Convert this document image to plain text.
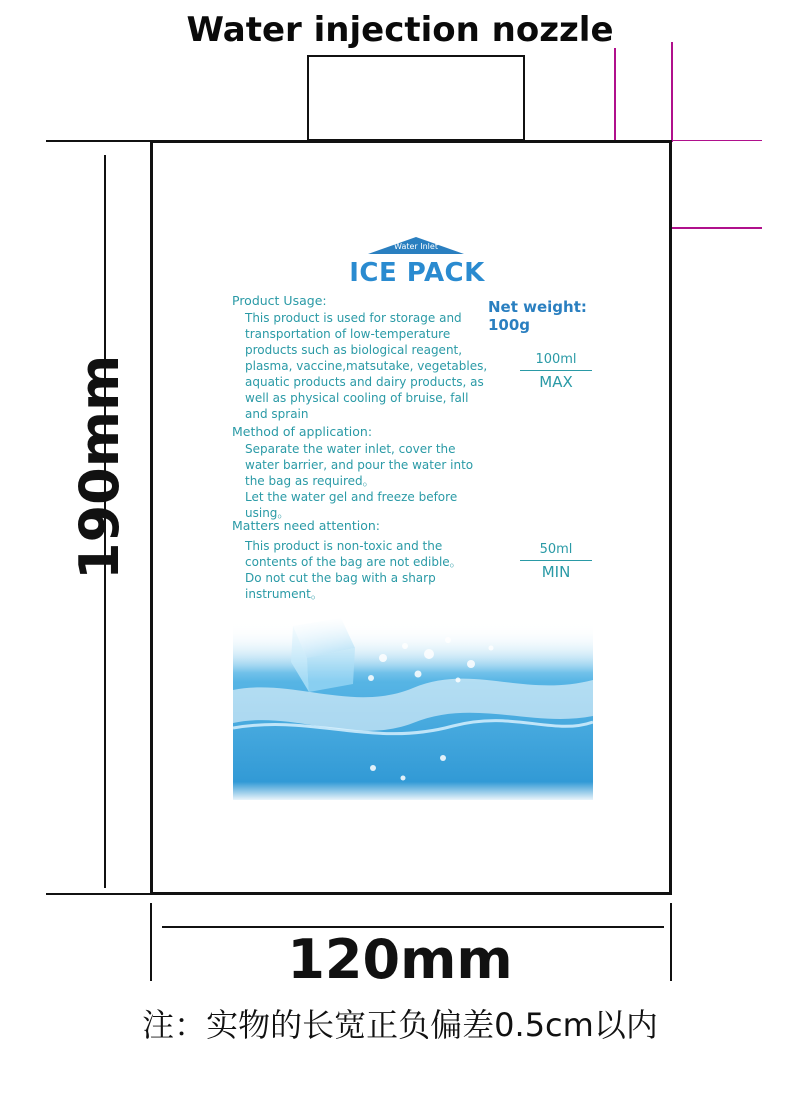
Water injection nozzle
190mm
120mm
Water Inlet
ICE PACK
Net weight: 100g
Product Usage:
This product is used for storage and
transportation of low-temperature
products such as biological reagent,
plasma, vaccine,matsutake, vegetables,
aquatic products and dairy products, as
well as physical cooling of bruise, fall
and sprain
Method of application:
Separate the water inlet, cover the
water barrier, and pour the water into
the bag as required。
Let the water gel and freeze before using。
Matters need attention:
This product is non-toxic and the
contents of the bag are not edible。
Do not cut the bag with a sharp
instrument。
100ml
MAX
50ml
MIN
注：实物的长宽正负偏差0.5cm以内
